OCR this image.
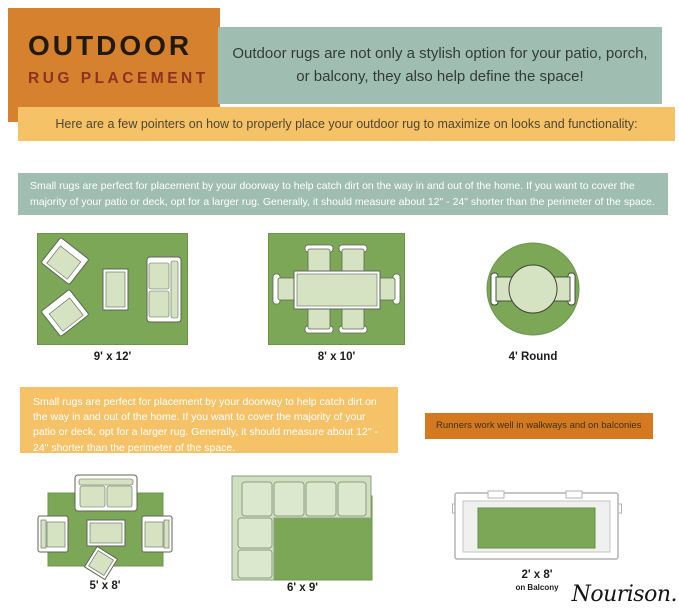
OUTDOOR
RUG PLACEMENT
Outdoor rugs are not only a stylish option for your patio, porch, or balcony, they also help define the space!
Here are a few pointers on how to properly place your outdoor rug to maximize on looks and functionality:
Small rugs are perfect for placement by your doorway to help catch dirt on the way in and out of the home. If you want to cover the majority of your patio or deck, opt for a larger rug. Generally, it should measure about 12" - 24" shorter than the perimeter of the space.
9' x 12'	8' x 10'	4' Round
Small rugs are perfect for placement by your doorway to help catch dirt on the way in and out of the home. If you want to cover the majority of your patio or deck, opt for a larger rug. Generally, it should measure about 12" - 24" shorter than the perimeter of the space.
Runners work well in walkways and on balconies
5' x 8'	6' x 9'
2' x 8'
on Balcony Nourison.
